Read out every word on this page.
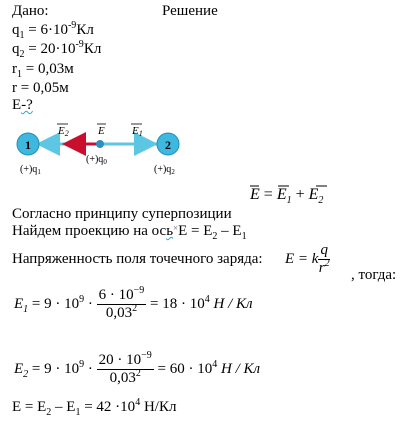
Дано:	Решение
$q_1 = 6\cdot 10^{-9}Кл$
$q_2 = 20\cdot 10^{-9}Кл$
$r_1 = 0,03м$
r = 0,05м
E-?
1	2
E2	E E1
$(+)q_1$
$(+)q_0$
$(+)q_2$
$E = E_1 + E_2$
Согласно принципу суперпозиции
Найдем проекцию на $ось^\times E = E_2 - E_1$
Напряженность поля точечного заряда: E = k $\frac{q}{r^2}$ , тогда:
$E_1 = 9 \cdot 10^9 \cdot \frac{6 \cdot 10^{-9}}{0,03^2} = 18 \cdot 10^4$ Н / Кл
$E_2 = 9 \cdot 10^9 \cdot \frac{20 \cdot 10^{-9}}{0,03^2} = 60 \cdot 10^4$ Н / Кл
$E = E_2 - E_1 = 42 \cdot 10^4$ Н/Кл
